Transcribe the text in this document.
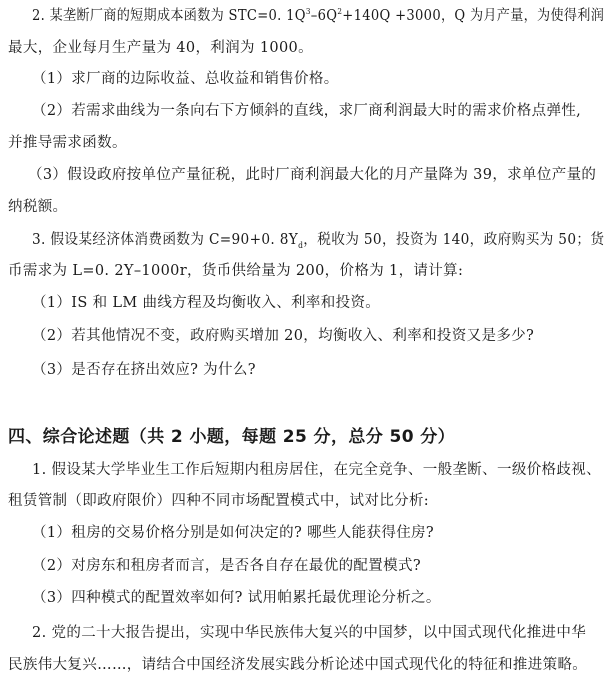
2. 某垄断厂商的短期成本函数为 STC=0. $1Q^3-6Q^2+140Q +3000$，Q 为月产量，为使得利润
最大，企业每月生产量为 40，利润为 1000。
（1）求厂商的边际收益、总收益和销售价格。
（2）若需求曲线为一条向右下方倾斜的直线，求厂商利润最大时的需求价格点弹性,
并推导需求函数。
（3）假设政府按单位产量征税，此时厂商利润最大化的月产量降为 39，求单位产量的
纳税额。
3. 假设某经济体消费函数为 C=90+0. $8Y_d$，税收为 50，投资为 140，政府购买为 50；货
币需求为 L=0. 2Y–1000r，货币供给量为 200，价格为 1，请计算:
（1）IS 和 LM 曲线方程及均衡收入、利率和投资。
（2）若其他情况不变，政府购买增加 20，均衡收入、利率和投资又是多少?
（3）是否存在挤出效应? 为什么?
四、综合论述题（共 2 小题，每题 25 分，总分 50 分）
1. 假设某大学毕业生工作后短期内租房居住，在完全竞争、一般垄断、一级价格歧视、
租赁管制（即政府限价）四种不同市场配置模式中，试对比分析:
（1）租房的交易价格分别是如何决定的? 哪些人能获得住房?
（2）对房东和租房者而言，是否各自存在最优的配置模式?
（3）四种模式的配置效率如何? 试用帕累托最优理论分析之。
2. 党的二十大报告提出，实现中华民族伟大复兴的中国梦，以中国式现代化推进中华
民族伟大复兴……，请结合中国经济发展实践分析论述中国式现代化的特征和推进策略。
